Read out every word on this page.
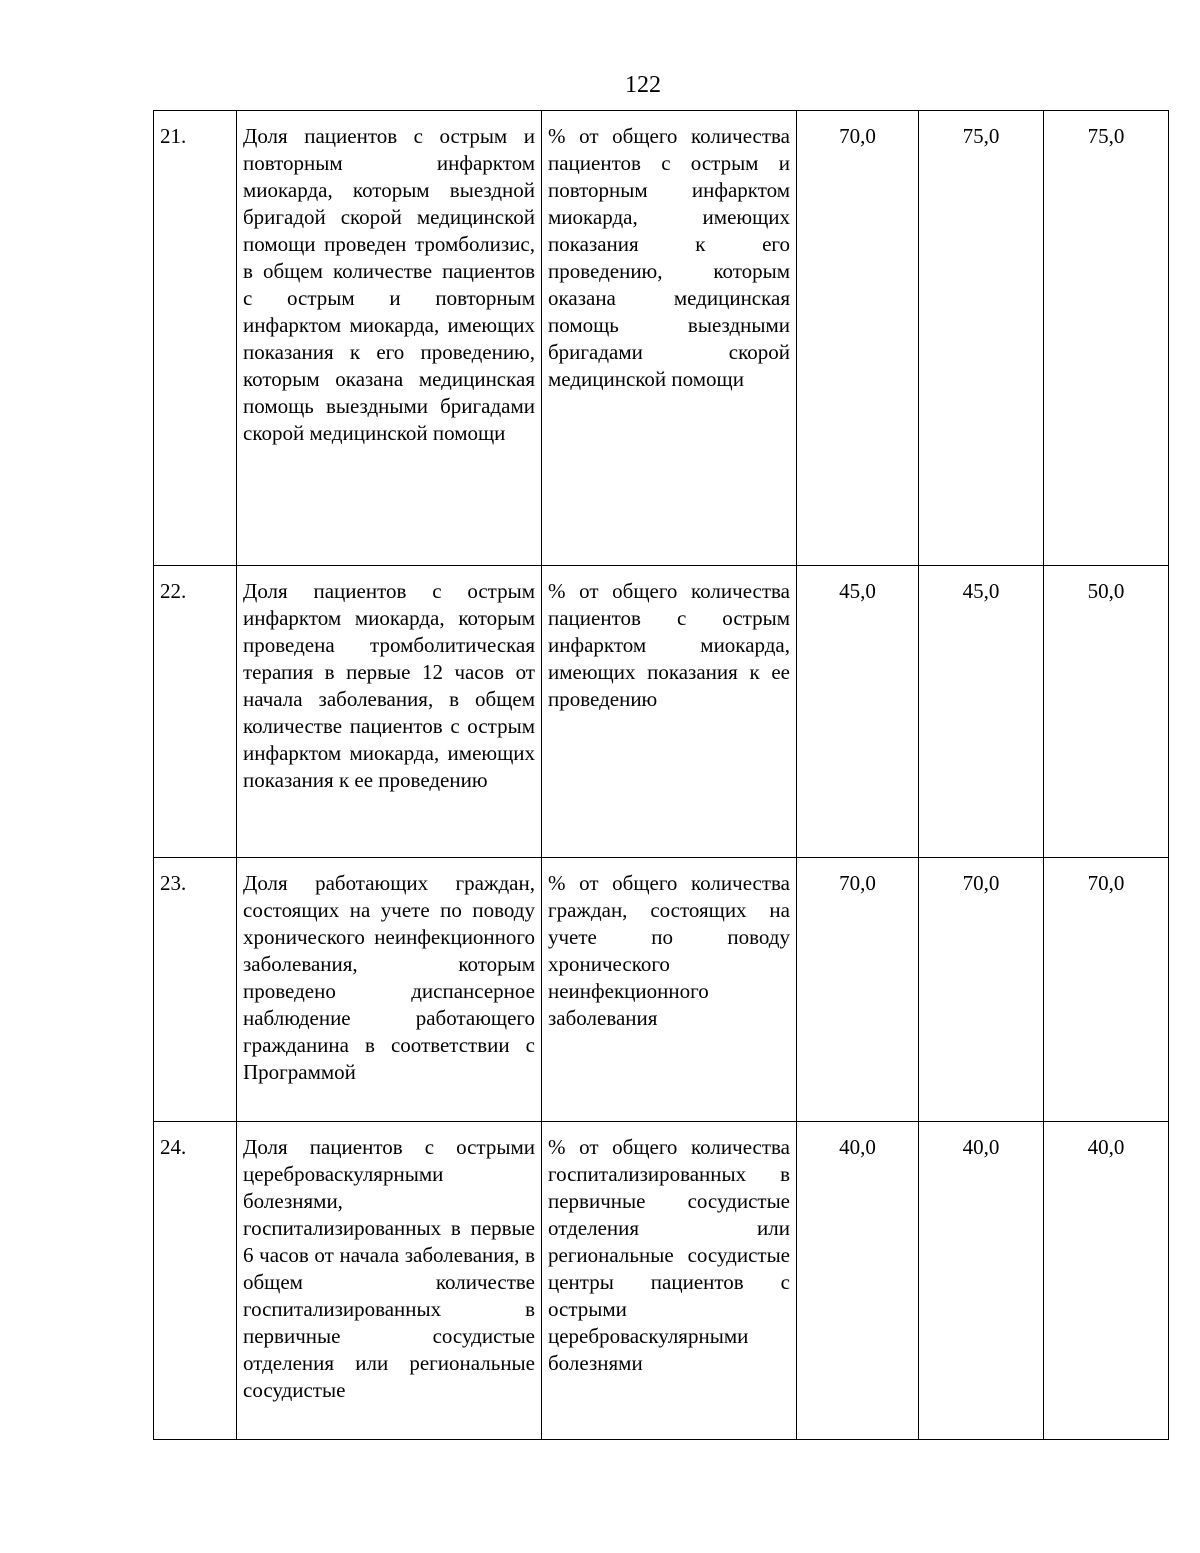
122
21.	Доля пациентов с острым и повторным инфарктом миокарда, которым выездной бригадой скорой медицинской помощи проведен тромболизис, в общем количестве пациентов с острым и повторным инфарктом миокарда, имеющих показания к его проведению, которым оказана медицинская помощь выездными бригадами скорой медицинской помощи	% от общего количества пациентов с острым и повторным инфарктом миокарда, имеющих показания к его проведению, которым оказана медицинская помощь выездными бригадами скорой медицинской помощи	70,0	75,0	75,0
22.	Доля пациентов с острым инфарктом миокарда, которым проведена тромболитическая терапия в первые 12 часов от начала заболевания, в общем количестве пациентов с острым инфарктом миокарда, имеющих показания к ее проведению	% от общего количества пациентов с острым инфарктом миокарда, имеющих показания к ее проведению	45,0	45,0	50,0
23.	Доля работающих граждан, состоящих на учете по поводу хронического неинфекционного заболевания, которым проведено диспансерное наблюдение работающего гражданина в соответствии с Программой	% от общего количества граждан, состоящих на учете по поводу хронического неинфекционного заболевания	70,0	70,0	70,0
24.	Доля пациентов с острыми цереброваскулярными болезнями, госпитализированных в первые 6 часов от начала заболевания, в общем количестве госпитализированных в первичные сосудистые отделения или региональные сосудистые	% от общего количества госпитализированных в первичные сосудистые отделения или региональные сосудистые центры пациентов с острыми цереброваскулярными болезнями	40,0	40,0	40,0
